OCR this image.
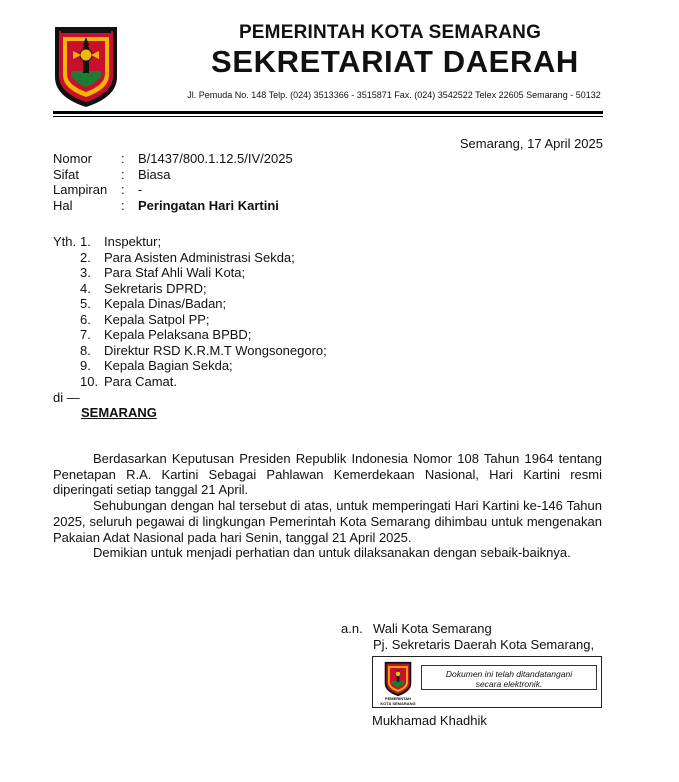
PEMERINTAH KOTA SEMARANG
SEKRETARIAT DAERAH
Jl. Pemuda No. 148 Telp. (024) 3513366 - 3515871 Fax. (024) 3542522 Telex 22605 Semarang - 50132
Semarang, 17 April 2025
Nomor	:	B/1437/800.1.12.5/IV/2025
Sifat	:	Biasa
Lampiran	:	-
Hal	:	Peringatan Hari Kartini
Yth. 1.	Inspektur;
2.	Para Asisten Administrasi Sekda;
3.	Para Staf Ahli Wali Kota;
4.	Sekretaris DPRD;
5.	Kepala Dinas/Badan;
6.	Kepala Satpol PP;
7.	Kepala Pelaksana BPBD;
8.	Direktur RSD K.R.M.T Wongsonegoro;
9.	Kepala Bagian Sekda;
10. Para Camat.
di —
SEMARANG

Berdasarkan Keputusan Presiden Republik Indonesia Nomor 108 Tahun 1964 tentang Penetapan R.A. Kartini Sebagai Pahlawan Kemerdekaan Nasional, Hari Kartini resmi diperingati setiap tanggal 21 April.

Sehubungan dengan hal tersebut di atas, untuk memperingati Hari Kartini ke-146 Tahun 2025, seluruh pegawai di lingkungan Pemerintah Kota Semarang dihimbau untuk mengenakan Pakaian Adat Nasional pada hari Senin, tanggal 21 April 2025.

Demikian untuk menjadi perhatian dan untuk dilaksanakan dengan sebaik-baiknya.

a.n. Wali Kota Semarang
Pj. Sekretaris Daerah Kota Semarang,
PEMERINTAH
KOTA SEMARANG
Dokumen ini telah ditandatangani
secara elektronik.
Mukhamad Khadhik
